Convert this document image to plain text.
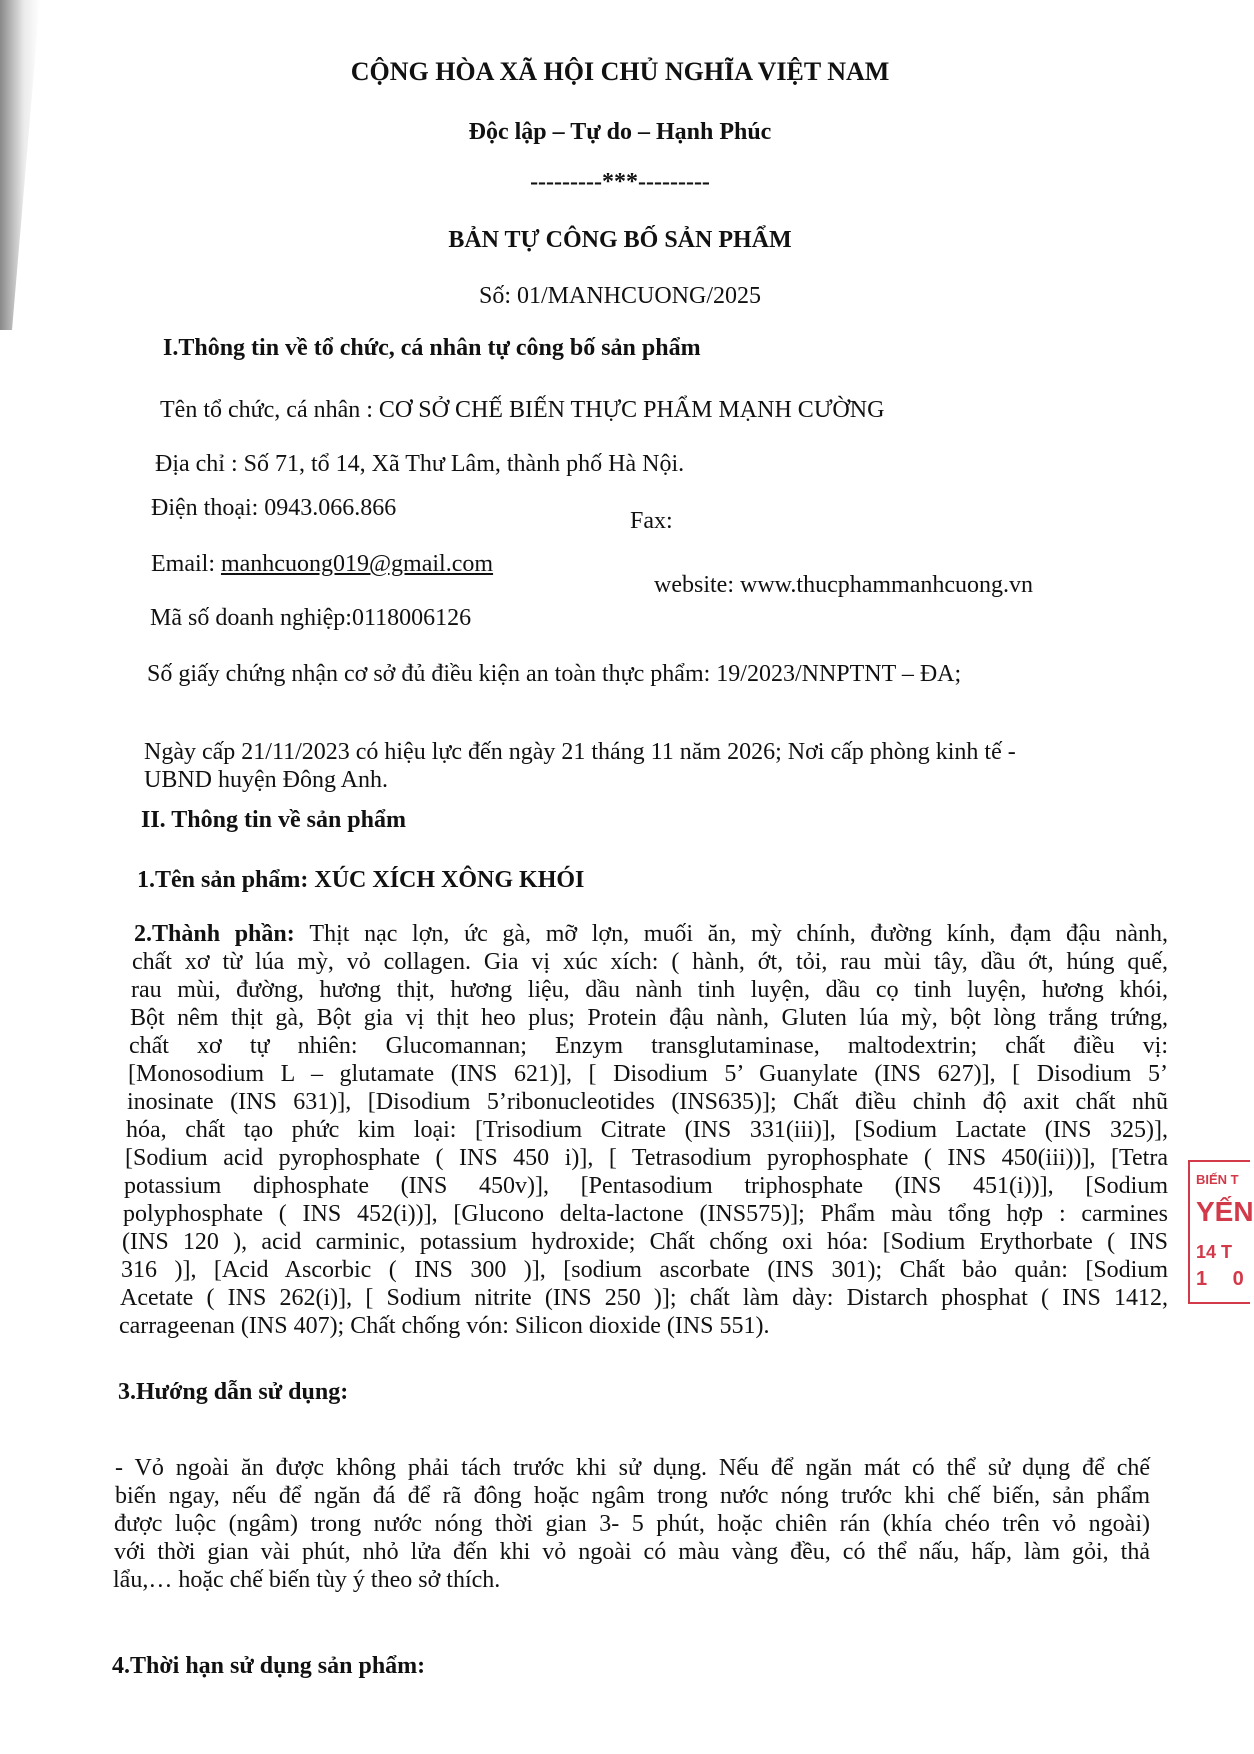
CỘNG HÒA XÃ HỘI CHỦ NGHĨA VIỆT NAM
Độc lập – Tự do – Hạnh Phúc
---------***---------
BẢN TỰ CÔNG BỐ SẢN PHẨM
Số: 01/MANHCUONG/2025
I.Thông tin về tổ chức, cá nhân tự công bố sản phẩm
Tên tổ chức, cá nhân : CƠ SỞ CHẾ BIẾN THỰC PHẨM MẠNH CƯỜNG
Địa chỉ : Số 71, tổ 14, Xã Thư Lâm, thành phố Hà Nội.
Điện thoại: 0943.066.866	Fax:
Email: manhcuong019@gmail.com
website: www.thucphammanhcuong.vn
Mã số doanh nghiệp:0118006126
Số giấy chứng nhận cơ sở đủ điều kiện an toàn thực phẩm: 19/2023/NNPTNT – ĐA;
Ngày cấp 21/11/2023 có hiệu lực đến ngày 21 tháng 11 năm 2026; Nơi cấp phòng kinh tế -
UBND huyện Đông Anh.
II. Thông tin về sản phẩm
1.Tên sản phẩm: XÚC XÍCH XÔNG KHÓI
2.Thành phần: Thịt nạc lợn, ức gà, mỡ lợn, muối ăn, mỳ chính, đường kính, đạm đậu nành,
chất xơ từ lúa mỳ, vỏ collagen. Gia vị xúc xích: ( hành, ớt, tỏi, rau mùi tây, dầu ớt, húng quế,
rau mùi, đường, hương thịt, hương liệu, dầu nành tinh luyện, dầu cọ tinh luyện, hương khói,
Bột nêm thịt gà, Bột gia vị thịt heo plus; Protein đậu nành, Gluten lúa mỳ, bột lòng trắng trứng,
chất xơ tự nhiên: Glucomannan; Enzym transglutaminase, maltodextrin; chất điều vị:
[Monosodium L – glutamate (INS 621)], [ Disodium 5’ Guanylate (INS 627)], [ Disodium 5’
inosinate (INS 631)], [Disodium 5’ribonucleotides (INS635)]; Chất điều chỉnh độ axit chất nhũ
hóa, chất tạo phức kim loại: [Trisodium Citrate (INS 331(iii)], [Sodium Lactate (INS 325)],
[Sodium acid pyrophosphate ( INS 450 i)], [ Tetrasodium pyrophosphate ( INS 450(iii))], [Tetra
potassium diphosphate (INS 450v)], [Pentasodium triphosphate (INS 451(i))], [Sodium
polyphosphate ( INS 452(i))], [Glucono delta-lactone (INS575)]; Phẩm màu tổng hợp : carmines
(INS 120 ), acid carminic, potassium hydroxide; Chất chống oxi hóa: [Sodium Erythorbate ( INS
316 )], [Acid Ascorbic ( INS 300 )], [sodium ascorbate (INS 301); Chất bảo quản: [Sodium
Acetate ( INS 262(i)], [ Sodium nitrite (INS 250 )]; chất làm dày: Distarch phosphat ( INS 1412,
carrageenan (INS 407); Chất chống vón: Silicon dioxide (INS 551).
3.Hướng dẫn sử dụng:
- Vỏ ngoài ăn được không phải tách trước khi sử dụng. Nếu để ngăn mát có thể sử dụng để chế
biến ngay, nếu để ngăn đá để rã đông hoặc ngâm trong nước nóng trước khi chế biến, sản phẩm
được luộc (ngâm) trong nước nóng thời gian 3- 5 phút, hoặc chiên rán (khía chéo trên vỏ ngoài)
với thời gian vài phút, nhỏ lửa đến khi vỏ ngoài có màu vàng đều, có thể nấu, hấp, làm gỏi, thả
lẩu,… hoặc chế biến tùy ý theo sở thích.
4.Thời hạn sử dụng sản phẩm:
BIẾN T
YẾN
14 T
1 0
